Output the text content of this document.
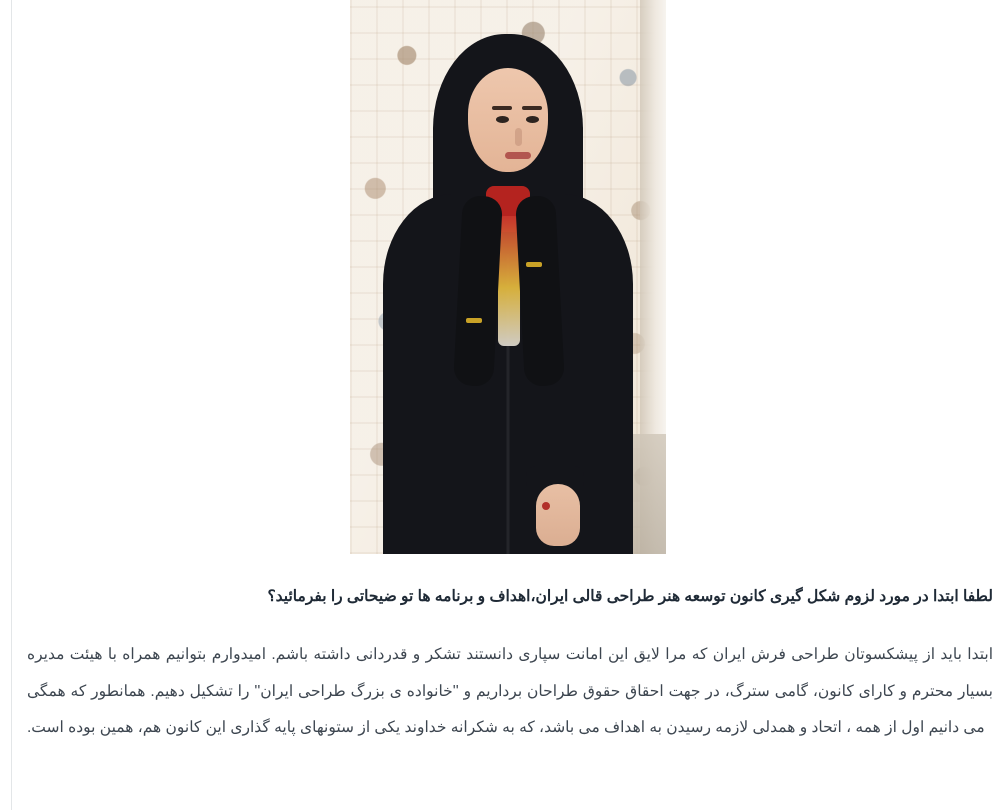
لطفا ابتدا در مورد لزوم شکل گیری کانون توسعه هنر طراحی قالی ایران،اهداف و برنامه ها تو ضیحاتی را بفرمائید؟

ابتدا باید از پیشکسوتان طراحی فرش ایران که مرا لایق این امانت سپاری دانستند تشکر و قدردانی داشته باشم. امیدوارم بتوانیم همراه با هیئت مدیره بسیار محترم و کارای کانون، گامی سترگ، در جهت احقاق حقوق طراحان برداریم و ''خانواده ی بزرگ طراحی ایران'' را تشکیل دهیم. همانطور که همگی می دانیم اول از همه ، اتحاد و همدلی لازمه رسیدن به اهداف می باشد، که به شکرانه خداوند یکی از ستونهای پایه گذاری این کانون هم، همین بوده است.
